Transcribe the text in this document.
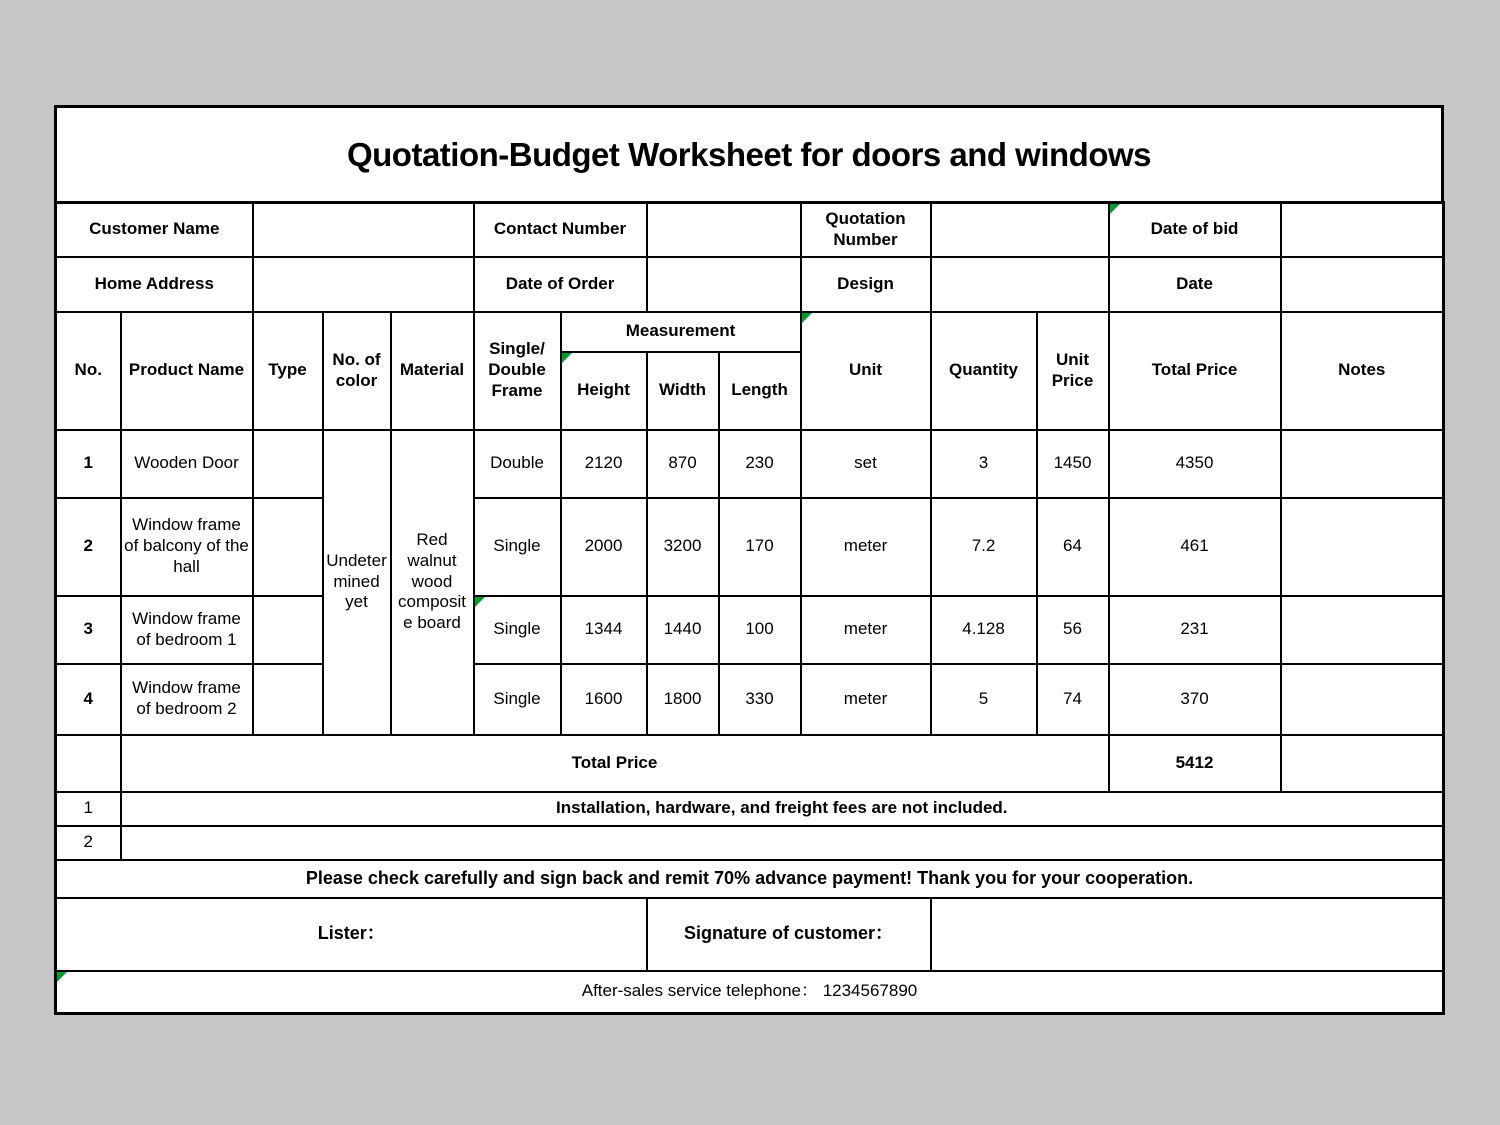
Quotation-Budget Worksheet for doors and windows
Customer Name					Contact Number				Quotation Number			Date of bid	
Home Address					Date of Order				Design			Date	
No.	Product Name	Type	No. of color	Material	Single/ Double Frame	Measurement			Unit	Quantity	Unit Price	Total Price	Notes

Height	Width	Length					
1	Wooden Door		Undetermined yet	Red walnut wood composite board	Double	2120	870	230	set	3	1450	4350	
2	Window frame of balcony of the hall				Single	2000	3200	170	meter	7.2	64	461	
3	Window frame of bedroom 1				Single	1344	1440	100	meter	4.128	56	231	
4	Window frame of bedroom 2				Single	1600	1800	330	meter	5	74	370	
	Total Price											5412	
1	Installation, hardware, and freight fees are not included.												
2													
Please check carefully and sign back and remit 70% advance payment! Thank you for your cooperation.													
Lister：							Signature of customer：						

After-sales service telephone： 1234567890													
